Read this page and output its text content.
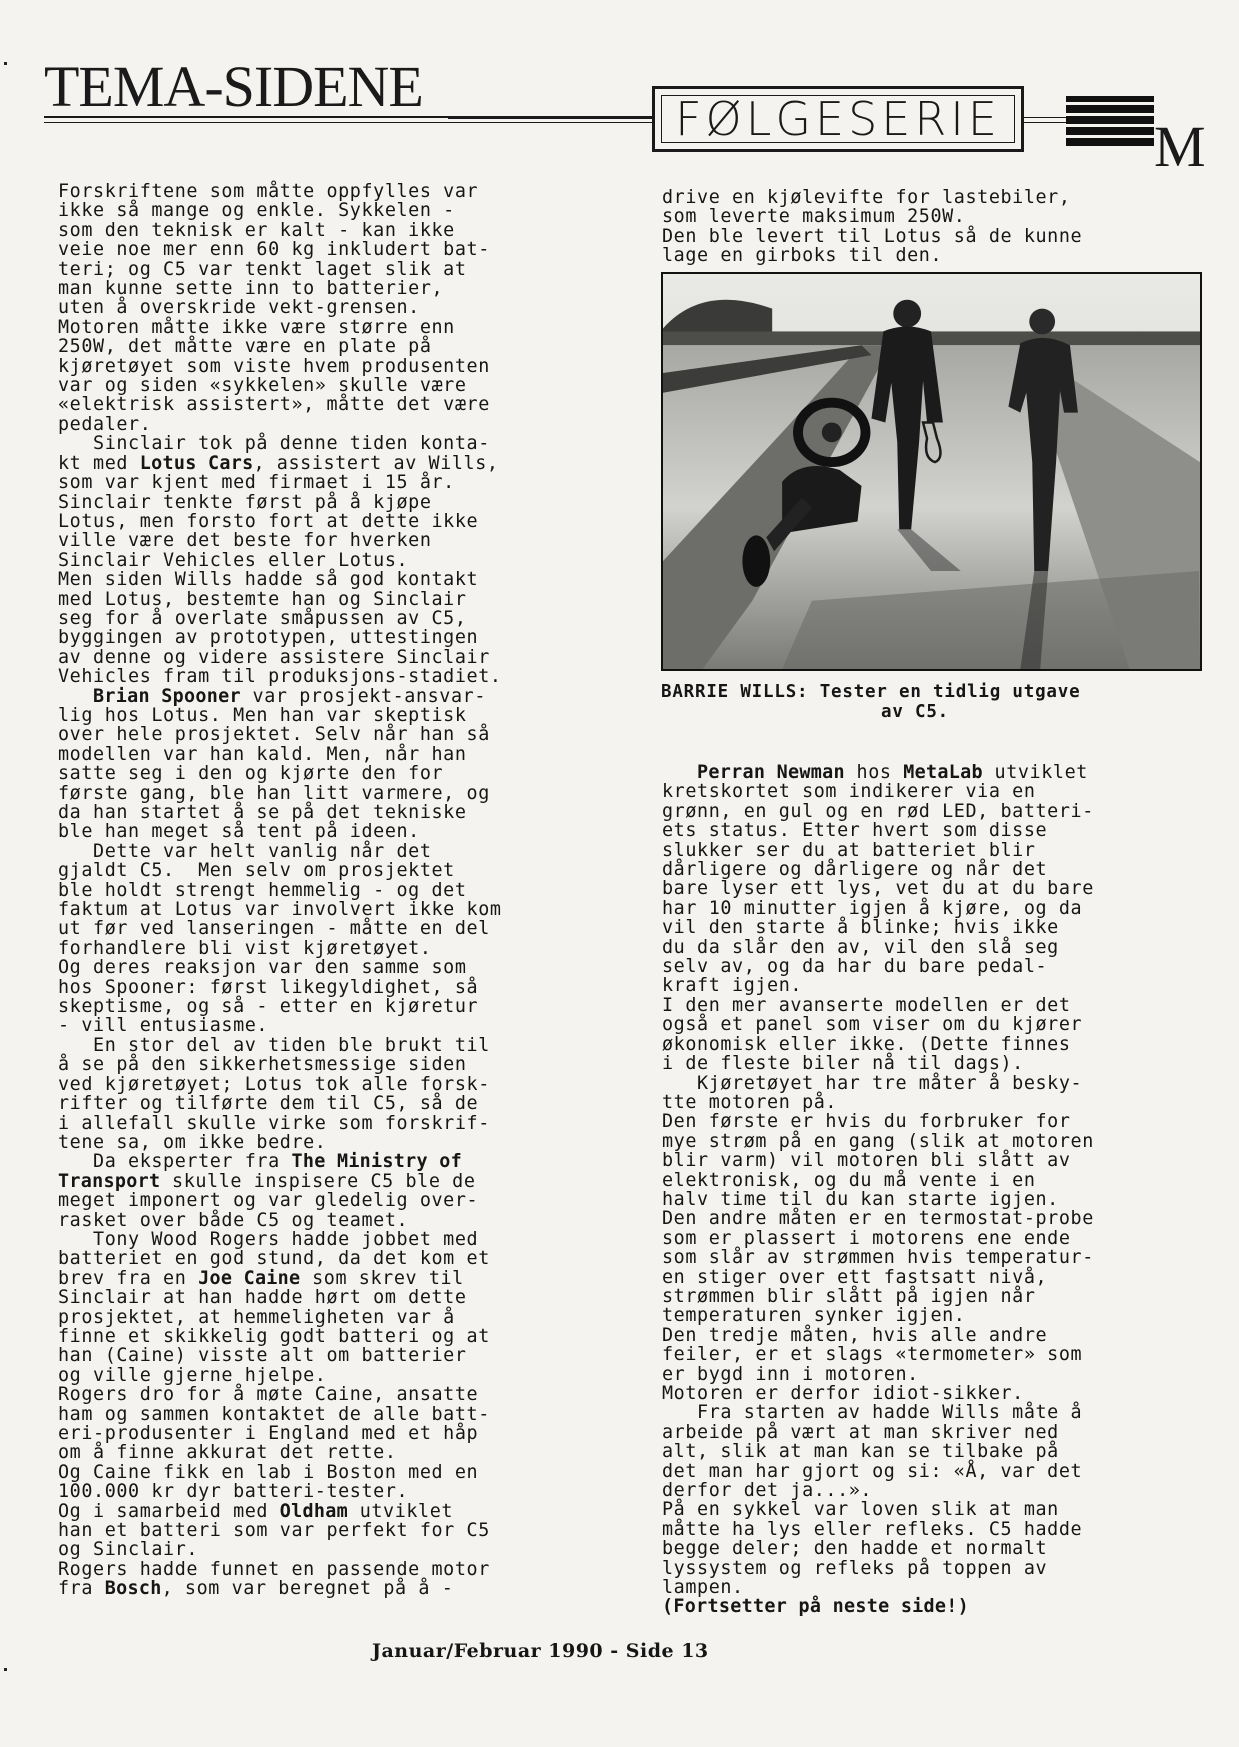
TEMA-SIDENE	FØLGESERIE	M
Forskriftene som måtte oppfylles var
ikke så mange og enkle. Sykkelen -
som den teknisk er kalt - kan ikke
veie noe mer enn 60 kg inkludert bat-
teri; og C5 var tenkt laget slik at
man kunne sette inn to batterier,
uten å overskride vekt-grensen.
Motoren måtte ikke være større enn
250W, det måtte være en plate på
kjøretøyet som viste hvem produsenten
var og siden «sykkelen» skulle være
«elektrisk assistert», måtte det være
pedaler.
Sinclair tok på denne tiden konta-
kt med Lotus Cars, assistert av Wills,
som var kjent med firmaet i 15 år.
Sinclair tenkte først på å kjøpe
Lotus, men forsto fort at dette ikke
ville være det beste for hverken
Sinclair Vehicles eller Lotus.
Men siden Wills hadde så god kontakt
med Lotus, bestemte han og Sinclair
seg for å overlate småpussen av C5,
byggingen av prototypen, uttestingen
av denne og videre assistere Sinclair
Vehicles fram til produksjons-stadiet.
Brian Spooner var prosjekt-ansvar-
lig hos Lotus. Men han var skeptisk
over hele prosjektet. Selv når han så
modellen var han kald. Men, når han
satte seg i den og kjørte den for
første gang, ble han litt varmere, og
da han startet å se på det tekniske
ble han meget så tent på ideen.
Dette var helt vanlig når det
gjaldt C5.  Men selv om prosjektet
ble holdt strengt hemmelig - og det
faktum at Lotus var involvert ikke kom
ut før ved lanseringen - måtte en del
forhandlere bli vist kjøretøyet.
Og deres reaksjon var den samme som
hos Spooner: først likegyldighet, så
skeptisme, og så - etter en kjøretur
- vill entusiasme.
En stor del av tiden ble brukt til
å se på den sikkerhetsmessige siden
ved kjøretøyet; Lotus tok alle forsk-
rifter og tilførte dem til C5, så de
i allefall skulle virke som forskrif-
tene sa, om ikke bedre.
Da eksperter fra The Ministry of
Transport skulle inspisere C5 ble de
meget imponert og var gledelig over-
rasket over både C5 og teamet.
Tony Wood Rogers hadde jobbet med
batteriet en god stund, da det kom et
brev fra en Joe Caine som skrev til
Sinclair at han hadde hørt om dette
prosjektet, at hemmeligheten var å
finne et skikkelig godt batteri og at
han (Caine) visste alt om batterier
og ville gjerne hjelpe.
Rogers dro for å møte Caine, ansatte
ham og sammen kontaktet de alle batt-
eri-produsenter i England med et håp
om å finne akkurat det rette.
Og Caine fikk en lab i Boston med en
100.000 kr dyr batteri-tester.
Og i samarbeid med Oldham utviklet
han et batteri som var perfekt for C5
og Sinclair.
Rogers hadde funnet en passende motor
fra Bosch, som var beregnet på å -
drive en kjølevifte for lastebiler,
som leverte maksimum 250W.
Den ble levert til Lotus så de kunne
lage en girboks til den.
BARRIE WILLS: Tester en tidlig utgave
av C5.
Perran Newman hos MetaLab utviklet
kretskortet som indikerer via en
grønn, en gul og en rød LED, batteri-
ets status. Etter hvert som disse
slukker ser du at batteriet blir
dårligere og dårligere og når det
bare lyser ett lys, vet du at du bare
har 10 minutter igjen å kjøre, og da
vil den starte å blinke; hvis ikke
du da slår den av, vil den slå seg
selv av, og da har du bare pedal-
kraft igjen.
I den mer avanserte modellen er det
også et panel som viser om du kjører
økonomisk eller ikke. (Dette finnes
i de fleste biler nå til dags).
Kjøretøyet har tre måter å besky-
tte motoren på.
Den første er hvis du forbruker for
mye strøm på en gang (slik at motoren
blir varm) vil motoren bli slått av
elektronisk, og du må vente i en
halv time til du kan starte igjen.
Den andre måten er en termostat-probe
som er plassert i motorens ene ende
som slår av strømmen hvis temperatur-
en stiger over ett fastsatt nivå,
strømmen blir slått på igjen når
temperaturen synker igjen.
Den tredje måten, hvis alle andre
feiler, er et slags «termometer» som
er bygd inn i motoren.
Motoren er derfor idiot-sikker.
Fra starten av hadde Wills måte å
arbeide på vært at man skriver ned
alt, slik at man kan se tilbake på
det man har gjort og si: «Å, var det
derfor det ja...».
På en sykkel var loven slik at man
måtte ha lys eller refleks. C5 hadde
begge deler; den hadde et normalt
lyssystem og refleks på toppen av
lampen.
(Fortsetter på neste side!)
Januar/Februar 1990 - Side 13
